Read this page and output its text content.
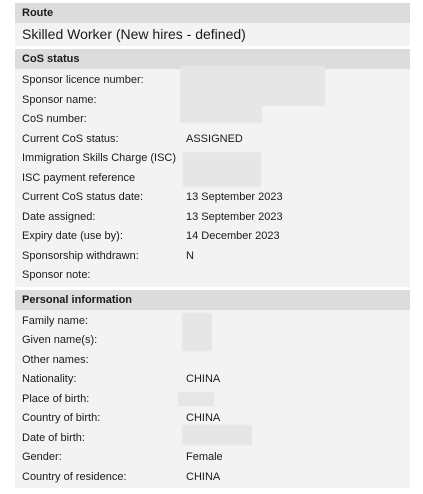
Route
Skilled Worker (New hires - defined)
CoS status
Sponsor licence number:
Sponsor name:
CoS number:
Current CoS status:	ASSIGNED
Immigration Skills Charge (ISC)
ISC payment reference
Current CoS status date:	13 September 2023
Date assigned:	13 September 2023
Expiry date (use by):	14 December 2023
Sponsorship withdrawn:	N
Sponsor note:
Personal information
Family name:
Given name(s):
Other names:
Nationality:	CHINA
Place of birth:
Country of birth:	CHINA
Date of birth:
Gender:	Female
Country of residence:	CHINA
